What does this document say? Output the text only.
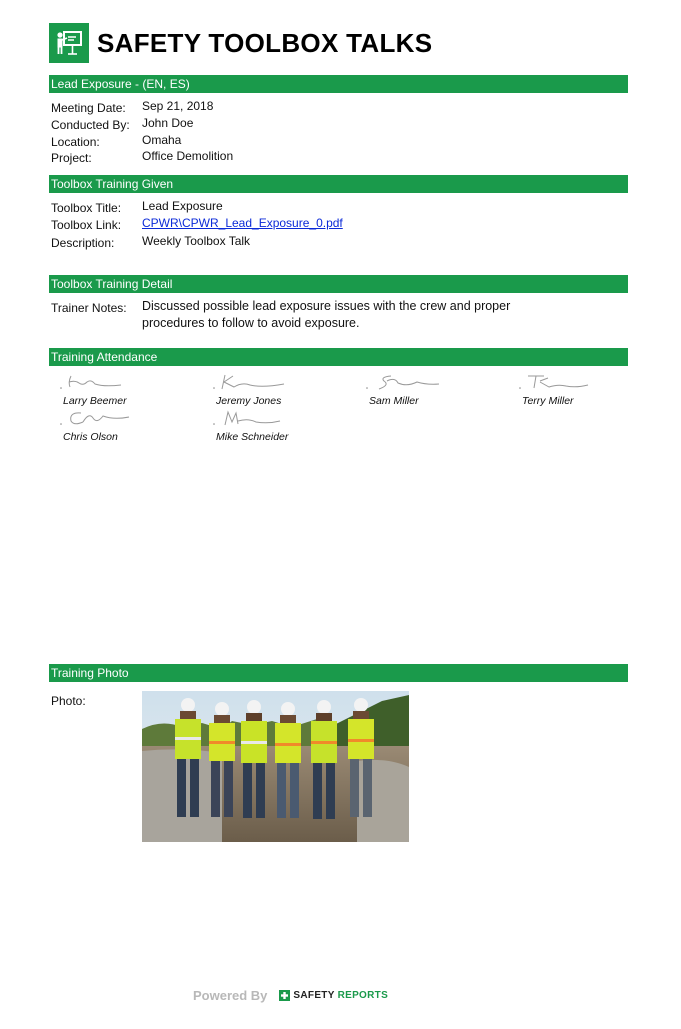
SAFETY TOOLBOX TALKS
Lead Exposure - (EN, ES)
Meeting Date: Sep 21, 2018
Conducted By: John Doe
Location:	Omaha
Project:	Office Demolition
Toolbox Training Given
Toolbox Title: Lead Exposure
Toolbox Link: CPWR\CPWR_Lead_Exposure_0.pdf
Description: Weekly Toolbox Talk
Toolbox Training Detail
Trainer Notes: Discussed possible lead exposure issues with the crew and proper procedures to follow to avoid exposure.
Training Attendance
Larry Beemer	Jeremy Jones	Sam Miller	Terry Miller
Chris Olson	Mike Schneider
Training Photo
Photo:
Powered By	SAFETY REPORTS
